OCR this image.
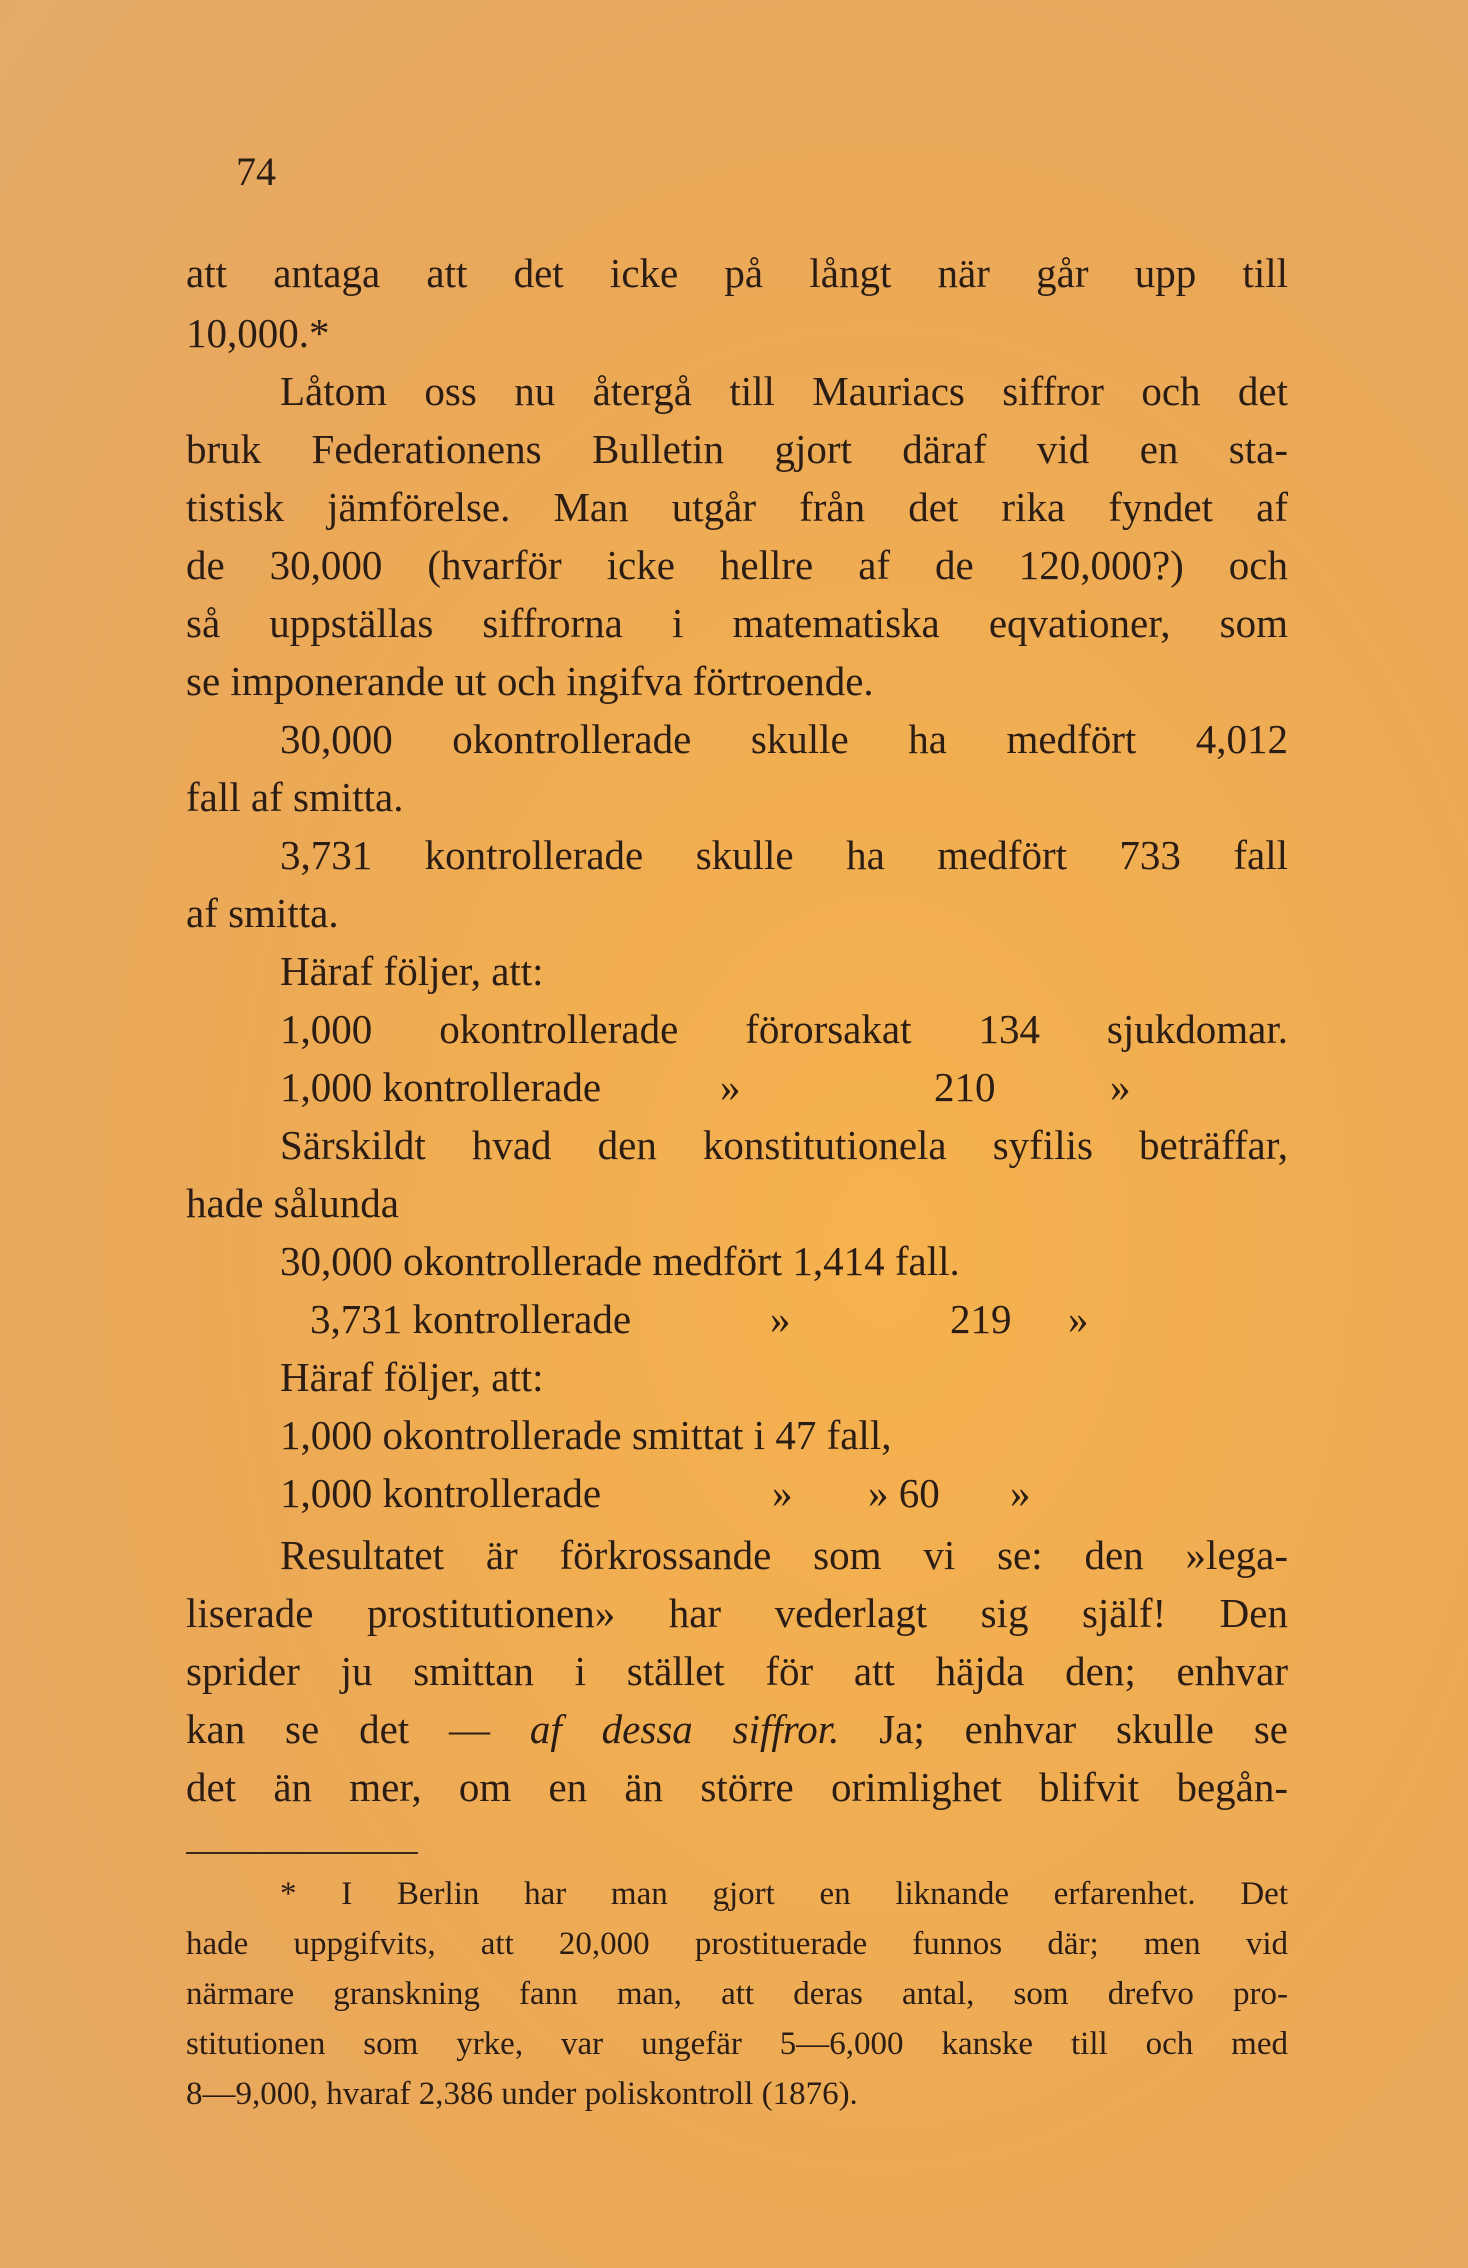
74
att antaga att det icke på långt när går upp till
10,000.*
Låtom oss nu återgå till Mauriacs siffror och det
bruk Federationens Bulletin gjort däraf vid en sta-
tistisk jämförelse. Man utgår från det rika fyndet af
de 30,000 (hvarför icke hellre af de 120,000?) och
så uppställas siffrorna i matematiska eqvationer, som
se imponerande ut och ingifva förtroende.
30,000 okontrollerade skulle ha medfört 4,012
fall af smitta.
3,731 kontrollerade skulle ha medfört 733 fall
af smitta.
Häraf följer, att:
1,000 okontrollerade förorsakat 134 sjukdomar.
1,000 kontrollerade	»	210	»
Särskildt hvad den konstitutionela syfilis beträffar,
hade sålunda
30,000 okontrollerade medfört 1,414 fall.
3,731 kontrollerade	»	219 »
Häraf följer, att:
1,000 okontrollerade smittat i 47 fall,
1,000 kontrollerade	» » 60 »
Resultatet är förkrossande som vi se: den »lega-
liserade prostitutionen» har vederlagt sig själf! Den
sprider ju smittan i stället för att häjda den; enhvar
kan se det — af dessa siffror. Ja; enhvar skulle se
det än mer, om en än större orimlighet blifvit begån-
* I Berlin har man gjort en liknande erfarenhet. Det
hade uppgifvits, att 20,000 prostituerade funnos där; men vid
närmare granskning fann man, att deras antal, som drefvo pro-
stitutionen som yrke, var ungefär 5—6,000 kanske till och med
8—9,000, hvaraf 2,386 under poliskontroll (1876).
